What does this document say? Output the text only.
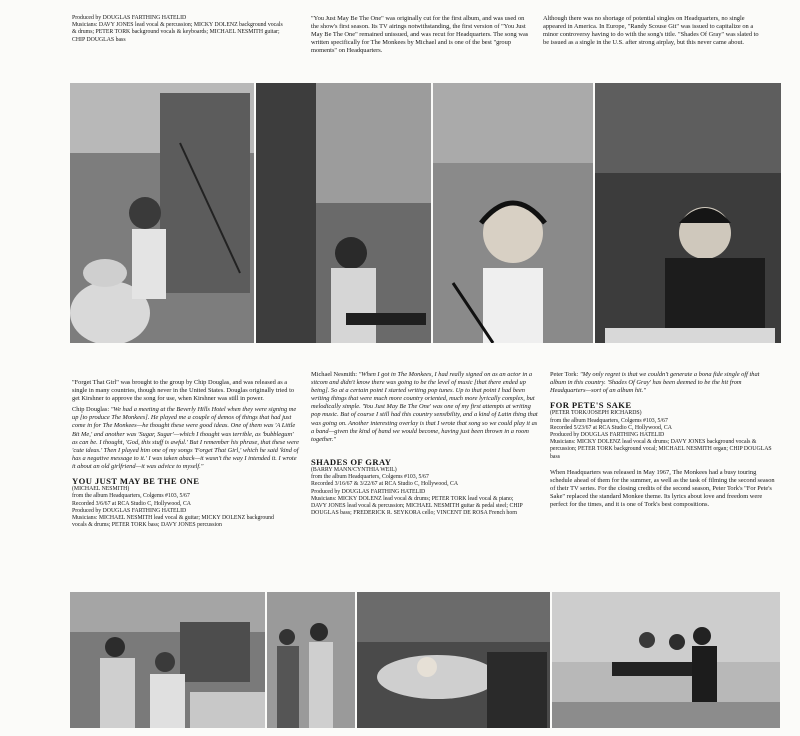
Produced by DOUGLAS FARTHING HATELID
Musicians: DAVY JONES lead vocal & percussion; MICKY DOLENZ background vocals
& drums; PETER TORK background vocals & keyboards; MICHAEL NESMITH guitar;
CHIP DOUGLAS bass

"You Just May Be The One" was originally cut for the first album, and was used on the show's first season. Its TV airings notwithstanding, the first version of "You Just May Be The One" remained unissued, and was recut for Headquarters. The song was written specifically for The Monkees by Michael and is one of the best "group moments" on Headquarters.

Although there was no shortage of potential singles on Headquarters, no single appeared in America. In Europe, "Randy Scouse Git" was issued to capitalize on a minor controversy having to do with the song's title. "Shades Of Gray" was slated to be issued as a single in the U.S. after strong airplay, but this never came about.

"Forget That Girl" was brought to the group by Chip Douglas, and was released as a single in many countries, though never in the United States. Douglas originally tried to get Kirshner to approve the song for use, when Kirshner was still in power.

Chip Douglas: "We had a meeting at the Beverly Hills Hotel when they were signing me up [to produce The Monkees]. He played me a couple of demos of things that had just come in for The Monkees—he thought these were good ideas. One of them was 'A Little Bit Me,' and another was 'Sugar, Sugar'—which I thought was terrible, as 'bubblegum' as can be. I thought, 'God, this stuff is awful.' But I remember his phrase, that these were 'cute ideas.' Then I played him one of my songs 'Forget That Girl,' which he said 'kind of has a negative message to it.' I was taken aback—it wasn't the way I intended it. I wrote it about an old girlfriend—it was advice to myself."

YOU JUST MAY BE THE ONE
(MICHAEL NESMITH)
from the album Headquarters, Colgems #103, 5/67
Recorded 3/6/67 at RCA Studio C, Hollywood, CA
Produced by DOUGLAS FARTHING HATELID
Musicians: MICHAEL NESMITH lead vocal & guitar; MICKY DOLENZ background
vocals & drums; PETER TORK bass; DAVY JONES percussion

Michael Nesmith: "When I got in The Monkees, I had really signed on as an actor in a sitcom and didn't know there was going to be the level of music [that there ended up being]. So at a certain point I started writing pop tunes. Up to that point I had been writing things that were much more country oriented, much more lyrically complex, but melodically simple. 'You Just May Be The One' was one of my first attempts at writing pop music. But of course I still had this country sensibility, and a kind of Latin thing that was going on. Another interesting overlay is that I wrote that song so we could play it as a band—given the kind of band we would become, having just been thrown in a room together."

SHADES OF GRAY
(BARRY MANN/CYNTHIA WEIL)
from the album Headquarters, Colgems #103, 5/67
Recorded 3/16/67 & 3/22/67 at RCA Studio C, Hollywood, CA
Produced by DOUGLAS FARTHING HATELID
Musicians: MICKY DOLENZ lead vocal & drums; PETER TORK lead vocal & piano;
DAVY JONES lead vocal & percussion; MICHAEL NESMITH guitar & pedal steel; CHIP
DOUGLAS bass; FREDERICK R. SEYKORA cello; VINCENT DE ROSA French horn

Peter Tork: "My only regret is that we couldn't generate a bona fide single off that album in this country. 'Shades Of Gray' has been deemed to be the hit from Headquarters—sort of an album hit."

FOR PETE'S SAKE
(PETER TORK/JOSEPH RICHARDS)
from the album Headquarters, Colgems #103, 5/67
Recorded 5/23/67 at RCA Studio C, Hollywood, CA
Produced by DOUGLAS FARTHING HATELID
Musicians: MICKY DOLENZ lead vocal & drums; DAVY JONES background vocals &
percussion; PETER TORK background vocal; MICHAEL NESMITH organ; CHIP DOUGLAS bass

When Headquarters was released in May 1967, The Monkees had a busy touring schedule ahead of them for the summer, as well as the task of filming the second season of their TV series. For the closing credits of the second season, Peter Tork's "For Pete's Sake" replaced the standard Monkee theme. Its lyrics about love and freedom were perfect for the times, and it is one of Tork's best compositions.
